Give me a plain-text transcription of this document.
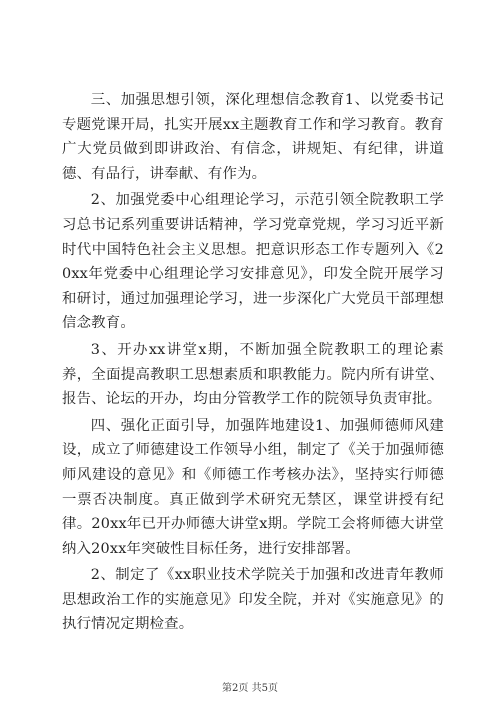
三、加强思想引领，深化理想信念教育1、以党委书记专题党课开局，扎实开展xx主题教育工作和学习教育。教育广大党员做到即讲政治、有信念，讲规矩、有纪律，讲道德、有品行，讲奉献、有作为。

2、加强党委中心组理论学习，示范引领全院教职工学习总书记系列重要讲话精神，学习党章党规，学习习近平新时代中国特色社会主义思想。把意识形态工作专题列入《20xx年党委中心组理论学习安排意见》，印发全院开展学习和研讨，通过加强理论学习，进一步深化广大党员干部理想信念教育。

3、开办xx讲堂x期，不断加强全院教职工的理论素养，全面提高教职工思想素质和职教能力。院内所有讲堂、报告、论坛的开办，均由分管教学工作的院领导负责审批。

四、强化正面引导，加强阵地建设1、加强师德师风建设，成立了师德建设工作领导小组，制定了《关于加强师德师风建设的意见》和《师德工作考核办法》，坚持实行师德一票否决制度。真正做到学术研究无禁区，课堂讲授有纪律。20xx年已开办师德大讲堂x期。学院工会将师德大讲堂纳入20xx年突破性目标任务，进行安排部署。

2、制定了《xx职业技术学院关于加强和改进青年教师思想政治工作的实施意见》印发全院，并对《实施意见》的执行情况定期检查。

第2页 共5页
